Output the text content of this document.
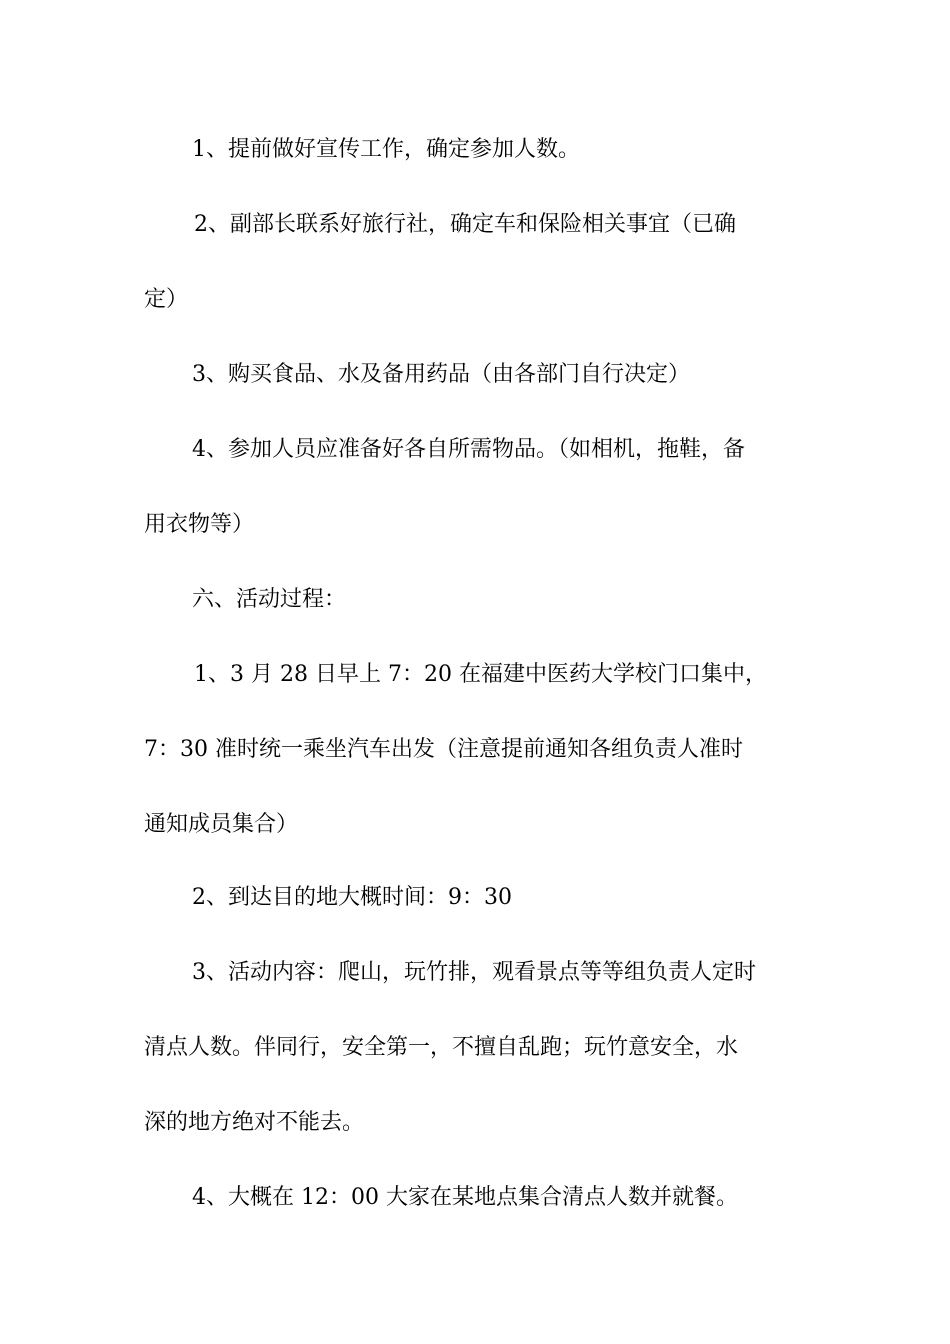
1、提前做好宣传工作，确定参加人数。
2、副部长联系好旅行社，确定车和保险相关事宜（已确
定）
3、购买食品、水及备用药品（由各部门自行决定）
4、参加人员应准备好各自所需物品。（如相机，拖鞋，备
用衣物等）
六、活动过程：
1、3 月 28 日早上 7：20 在福建中医药大学校门口集中，
7：30 准时统一乘坐汽车出发（注意提前通知各组负责人准时
通知成员集合）
2、到达目的地大概时间：9：30
3、活动内容：爬山，玩竹排，观看景点等等组负责人定时
清点人数。伴同行，安全第一，不擅自乱跑；玩竹意安全，水
深的地方绝对不能去。
4、大概在 12：00 大家在某地点集合清点人数并就餐。
